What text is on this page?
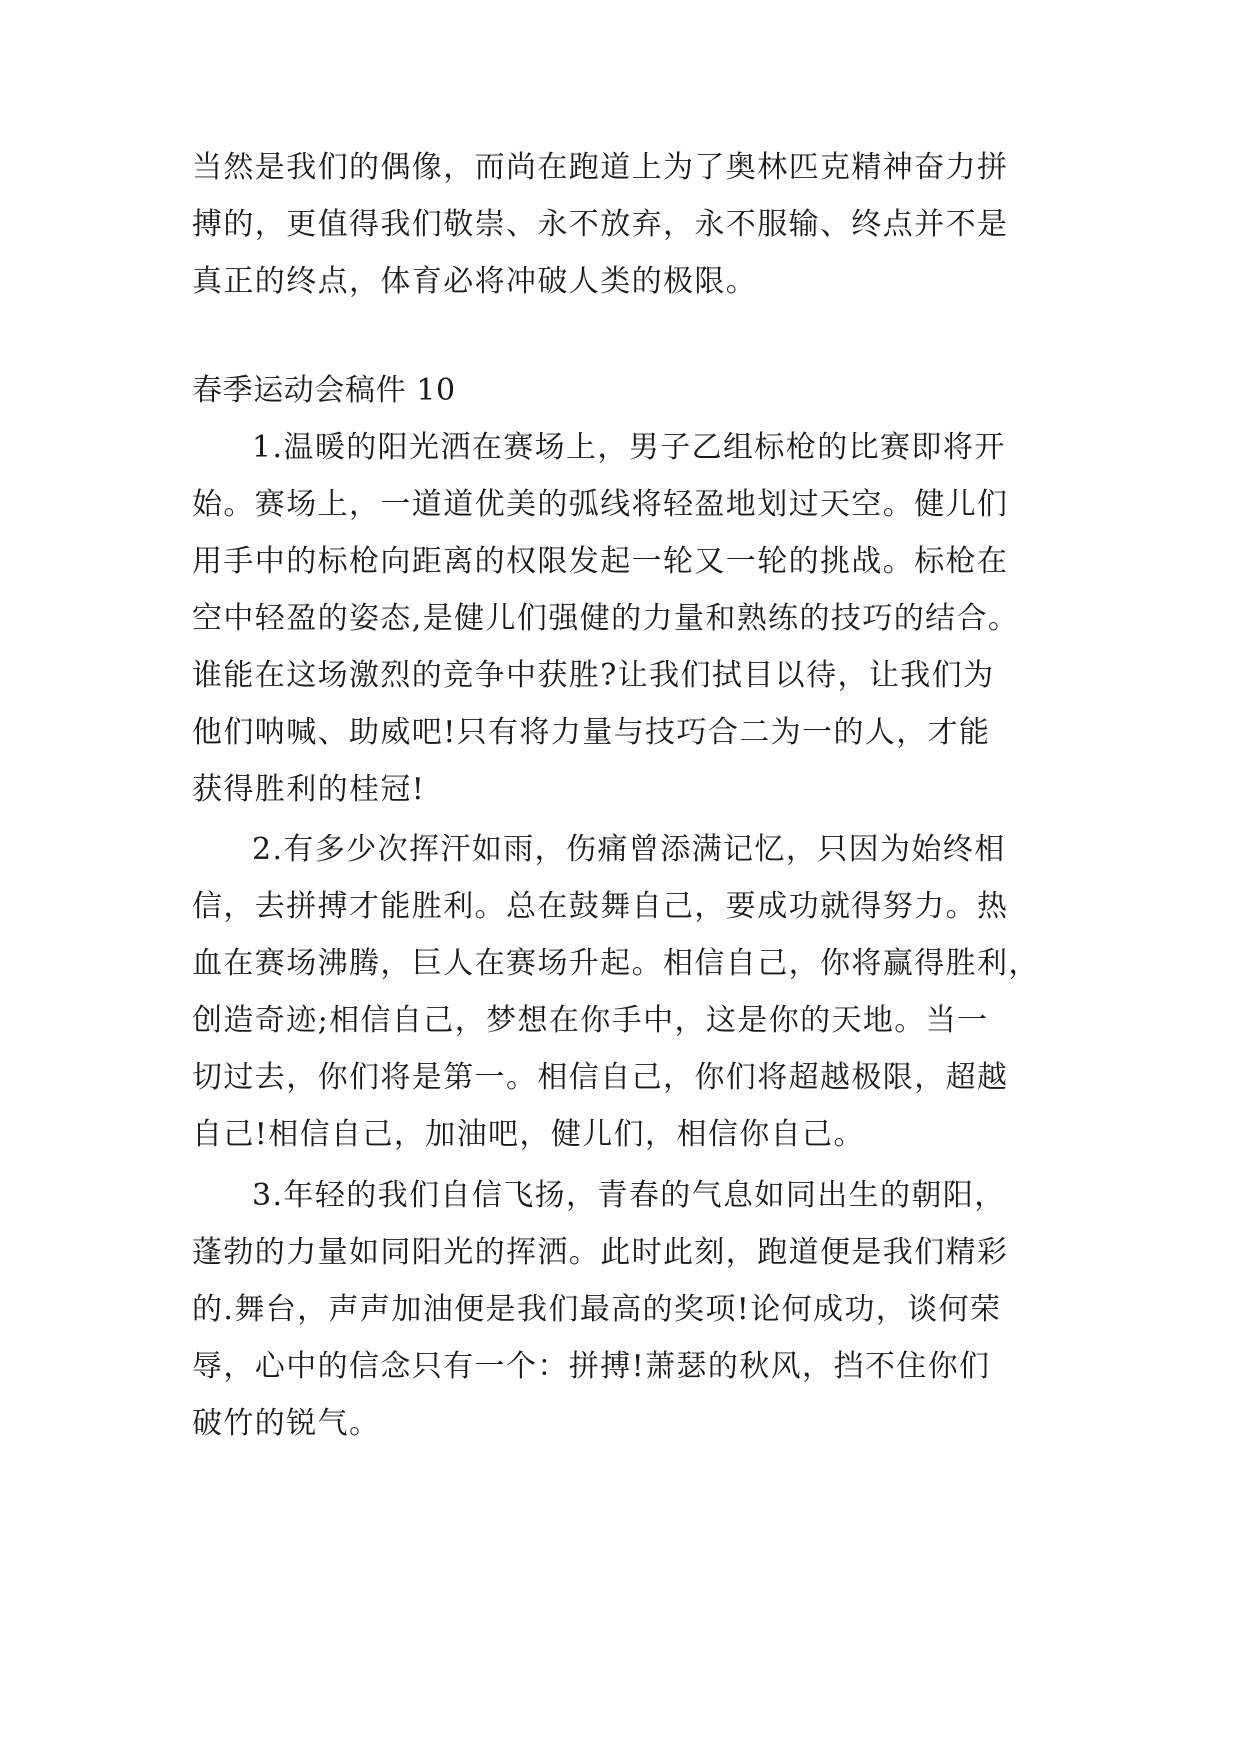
当然是我们的偶像，而尚在跑道上为了奥林匹克精神奋力拼
搏的，更值得我们敬崇、永不放弃，永不服输、终点并不是
真正的终点，体育必将冲破人类的极限。
春季运动会稿件 10
1.温暖的阳光洒在赛场上，男子乙组标枪的比赛即将开
始。赛场上，一道道优美的弧线将轻盈地划过天空。健儿们
用手中的标枪向距离的权限发起一轮又一轮的挑战。标枪在
空中轻盈的姿态,是健儿们强健的力量和熟练的技巧的结合。
谁能在这场激烈的竞争中获胜?让我们拭目以待，让我们为
他们呐喊、助威吧!只有将力量与技巧合二为一的人，才能
获得胜利的桂冠!
2.有多少次挥汗如雨，伤痛曾添满记忆，只因为始终相
信，去拼搏才能胜利。总在鼓舞自己，要成功就得努力。热
血在赛场沸腾，巨人在赛场升起。相信自己，你将赢得胜利，
创造奇迹;相信自己，梦想在你手中，这是你的天地。当一
切过去，你们将是第一。相信自己，你们将超越极限，超越
自己!相信自己，加油吧，健儿们，相信你自己。
3.年轻的我们自信飞扬，青春的气息如同出生的朝阳，
蓬勃的力量如同阳光的挥洒。此时此刻，跑道便是我们精彩
的.舞台，声声加油便是我们最高的奖项!论何成功，谈何荣
辱，心中的信念只有一个：拼搏!萧瑟的秋风，挡不住你们
破竹的锐气。
